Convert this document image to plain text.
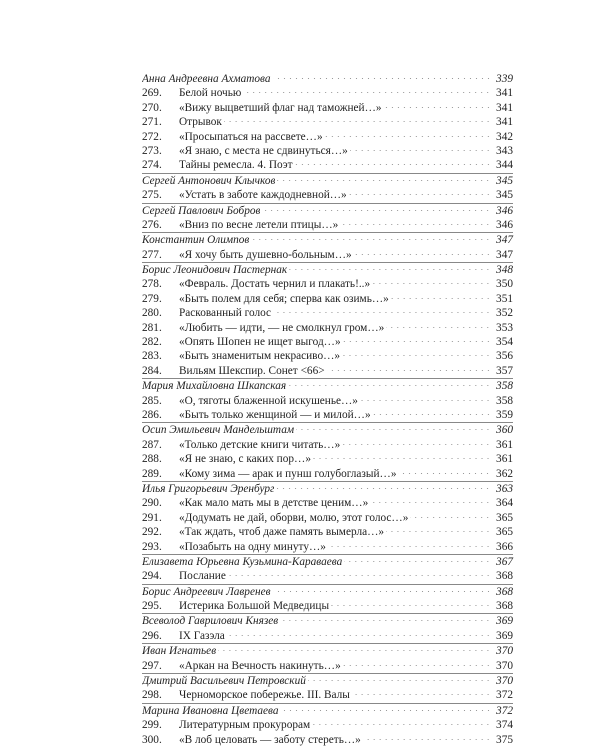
Анна Андреевна Ахматова	339
269.	Белой ночью	341
270.	«Вижу выцветший флаг над таможней…»	341
271.	Отрывок	341
272.	«Просыпаться на рассвете…»	342
273.	«Я знаю, с места не сдвинуться…»	343
274.	Тайны ремесла. 4. Поэт	344
Сергей Антонович Клычков	345
275.	«Устать в заботе каждодневной…»	345
Сергей Павлович Бобров	346
276.	«Вниз по весне летели птицы…»	346
Константин Олимпов	347
277.	«Я хочу быть душевно-больным…»	347
Борис Леонидович Пастернак	348
278.	«Февраль. Достать чернил и плакать!..»	350
279.	«Быть полем для себя; сперва как озимь…»	351
280.	Раскованный голос	352
281.	«Любить — идти, — не смолкнул гром…»	353
282.	«Опять Шопен не ищет выгод…»	354
283.	«Быть знаменитым некрасиво…»	356
284.	Вильям Шекспир. Сонет <66>	357
Мария Михайловна Шкапская	358
285.	«О, тяготы блаженной искушенье…»	358
286.	«Быть только женщиной — и милой…»	359
Осип Эмильевич Мандельштам	360
287.	«Только детские книги читать…»	361
288.	«Я не знаю, с каких пор…»	361
289.	«Кому зима — арак и пунш голубоглазый…»	362
Илья Григорьевич Эренбург	363
290.	«Как мало мать мы в детстве ценим…»	364
291.	«Додумать не дай, оборви, молю, этот голос…»	365
292.	«Так ждать, чтоб даже память вымерла…»	365
293.	«Позабыть на одну минуту…»	366
Елизавета Юрьевна Кузьмина-Караваева	367
294.	Послание	368
Борис Андреевич Лавренев	368
295.	Истерика Большой Медведицы	368
Всеволод Гаврилович Князев	369
296.	IX Газэла	369
Иван Игнатьев	370
297.	«Аркан на Вечность накинуть…»	370
Дмитрий Васильевич Петровский	370
298.	Черноморское побережье. III. Валы	372
Марина Ивановна Цветаева	372
299.	Литературным прокурорам	374
300.	«В лоб целовать — заботу стереть…»	375
